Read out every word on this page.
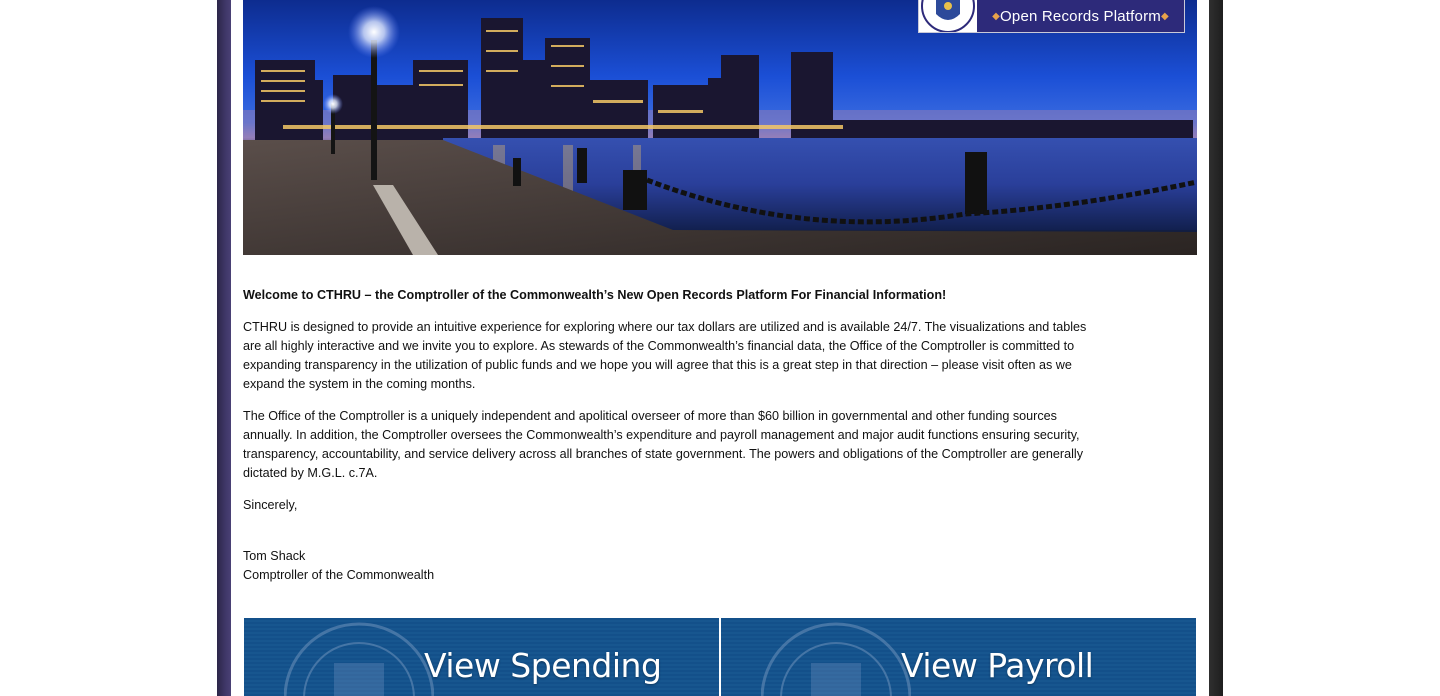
◆Open Records Platform◆

Welcome to CTHRU – the Comptroller of the Commonwealth’s New Open Records Platform For Financial Information!

CTHRU is designed to provide an intuitive experience for exploring where our tax dollars are utilized and is available 24/7. The visualizations and tables are all highly interactive and we invite you to explore. As stewards of the Commonwealth’s financial data, the Office of the Comptroller is committed to expanding transparency in the utilization of public funds and we hope you will agree that this is a great step in that direction – please visit often as we expand the system in the coming months.

The Office of the Comptroller is a uniquely independent and apolitical overseer of more than $60 billion in governmental and other funding sources annually. In addition, the Comptroller oversees the Commonwealth’s expenditure and payroll management and major audit functions ensuring security, transparency, accountability, and service delivery across all branches of state government. The powers and obligations of the Comptroller are generally dictated by M.G.L. c.7A.

Sincerely,

Tom Shack
Comptroller of the Commonwealth
View Spending	View Payroll
